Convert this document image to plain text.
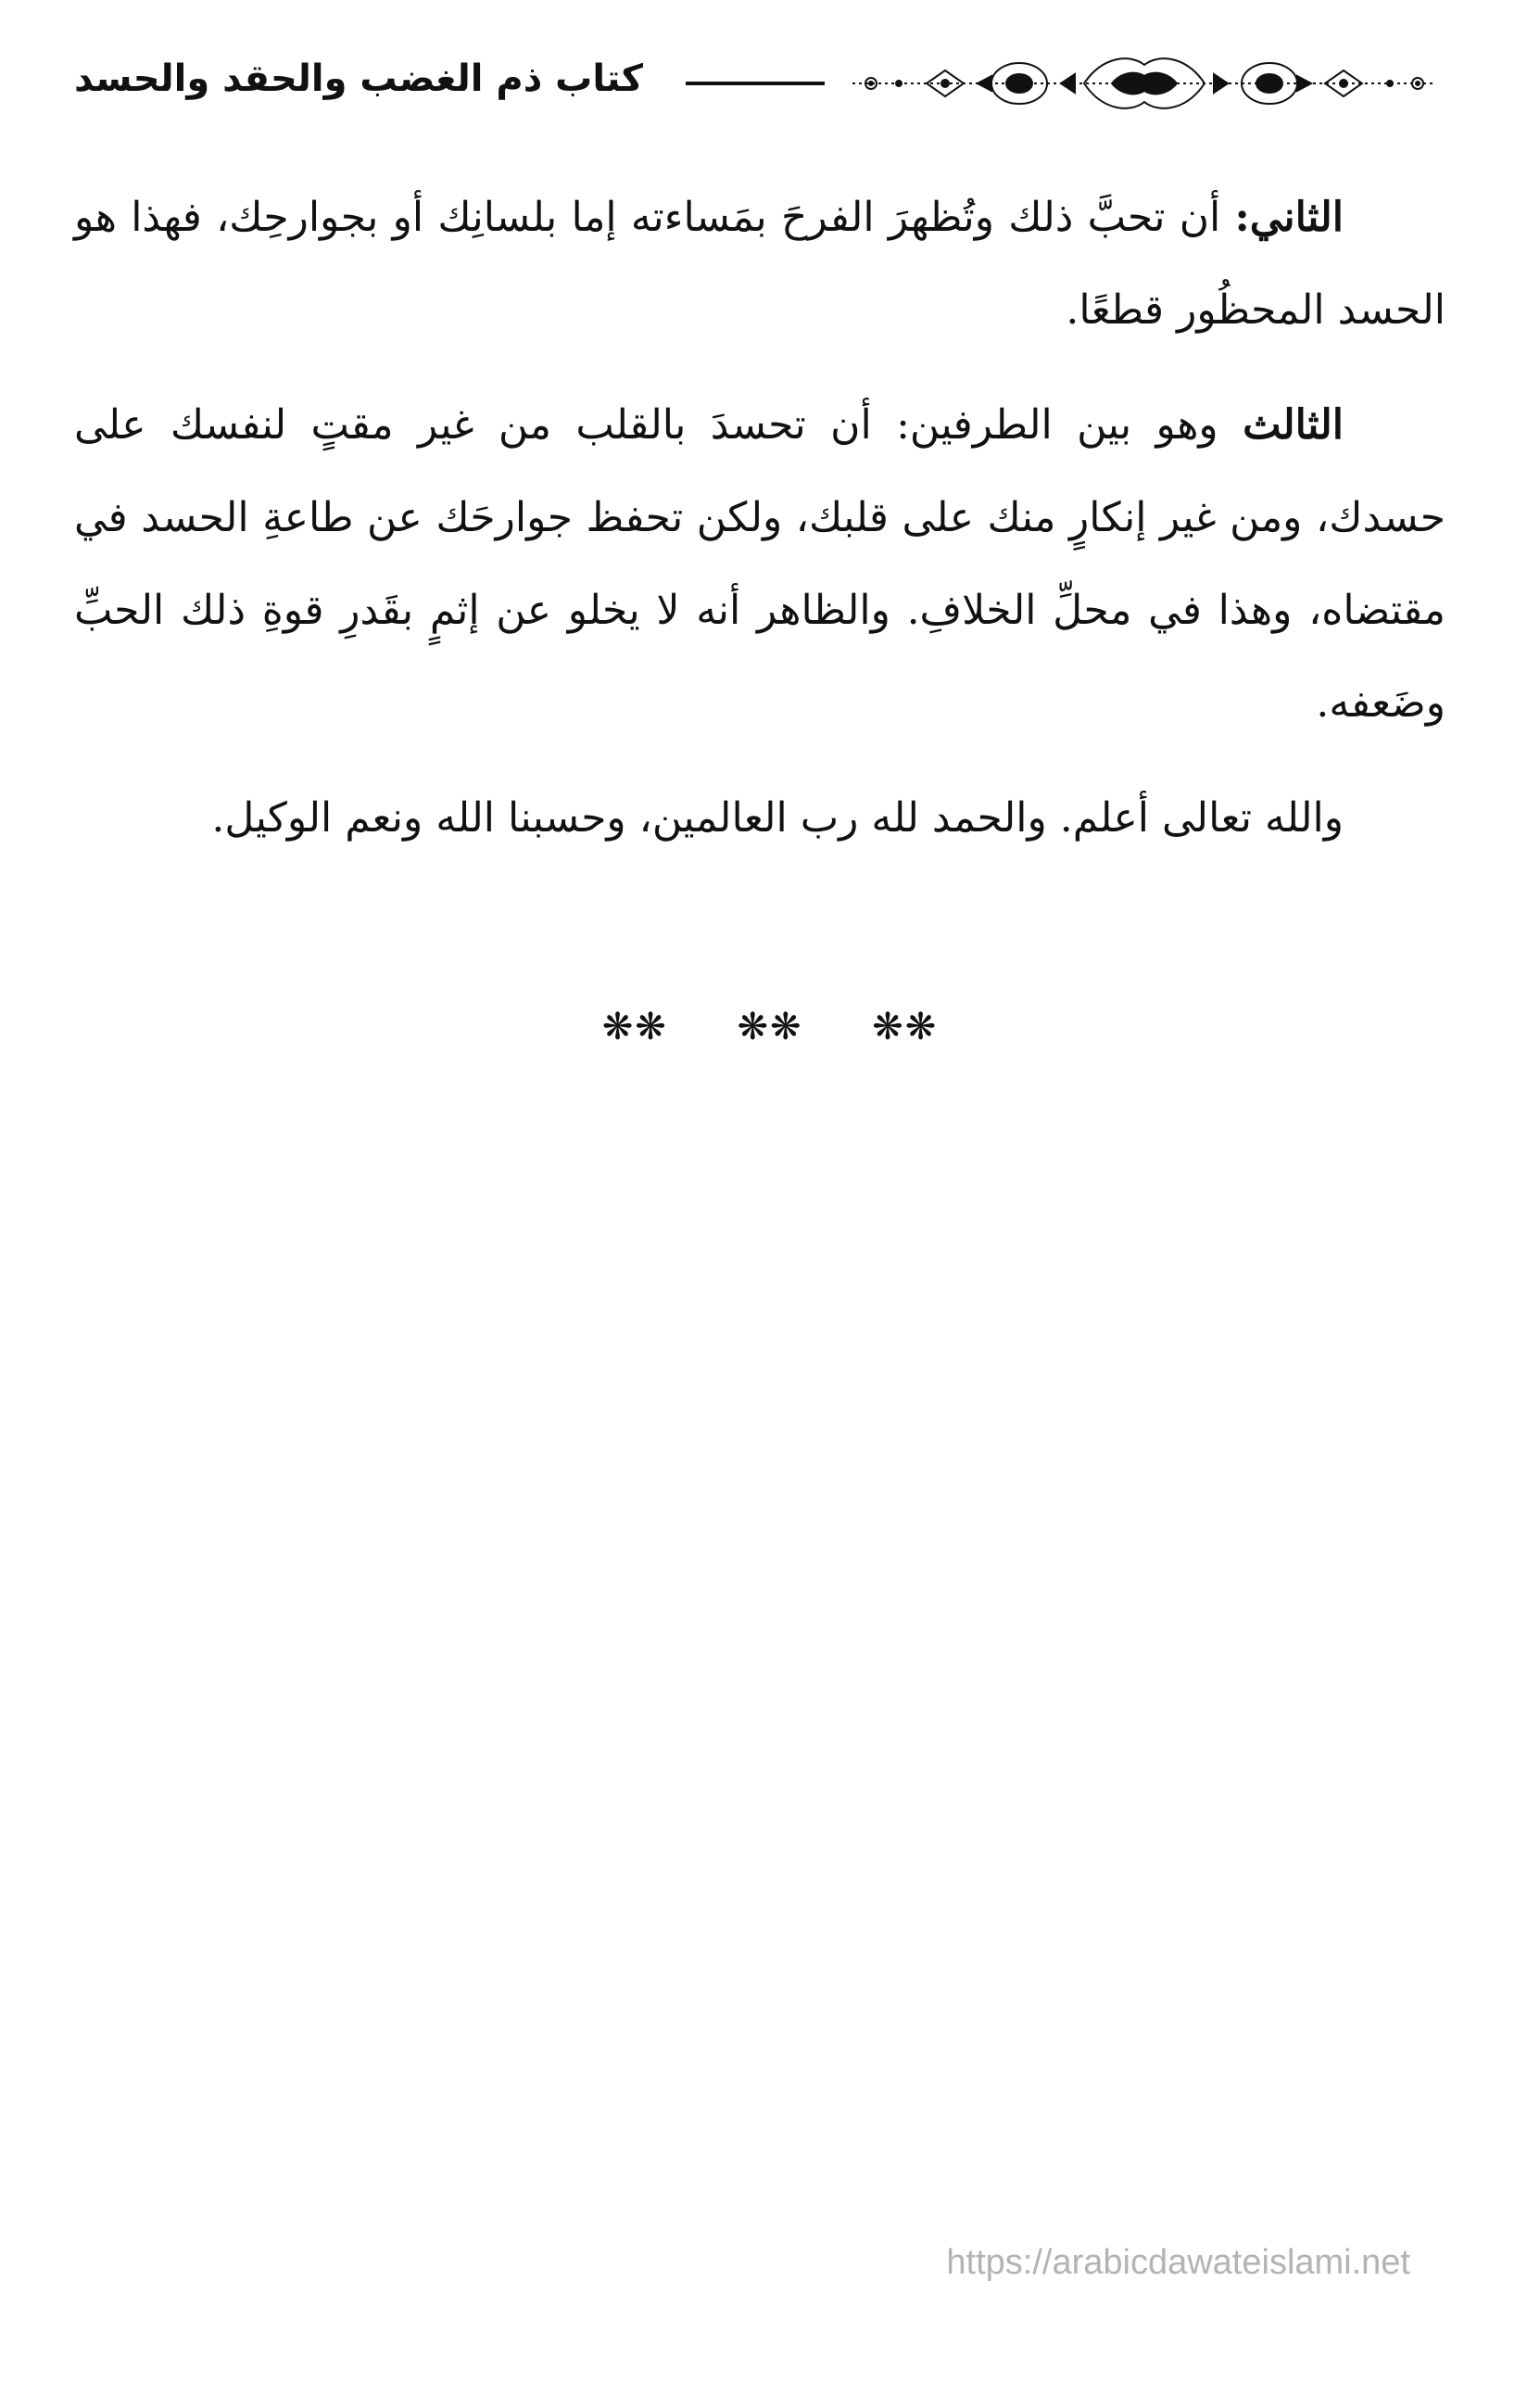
كتاب ذم الغضب والحقد والحسد

الثاني: أن تحبَّ ذلك وتُظهرَ الفرحَ بمَساءته إما بلسانِك أو بجوارحِك، فهذا هو الحسد المحظُور قطعًا.

الثالث وهو بين الطرفين: أن تحسدَ بالقلب من غير مقتٍ لنفسك على حسدك، ومن غير إنكارٍ منك على قلبك، ولكن تحفظ جوارحَك عن طاعةِ الحسد في مقتضاه، وهذا في محلِّ الخلافِ. والظاهر أنه لا يخلو عن إثمٍ بقَدرِ قوةِ ذلك الحبِّ وضَعفه.

والله تعالى أعلم. والحمد لله رب العالمين، وحسبنا الله ونعم الوكيل.

❋❋ ❋❋ ❋❋
https://arabicdawateislami.net
